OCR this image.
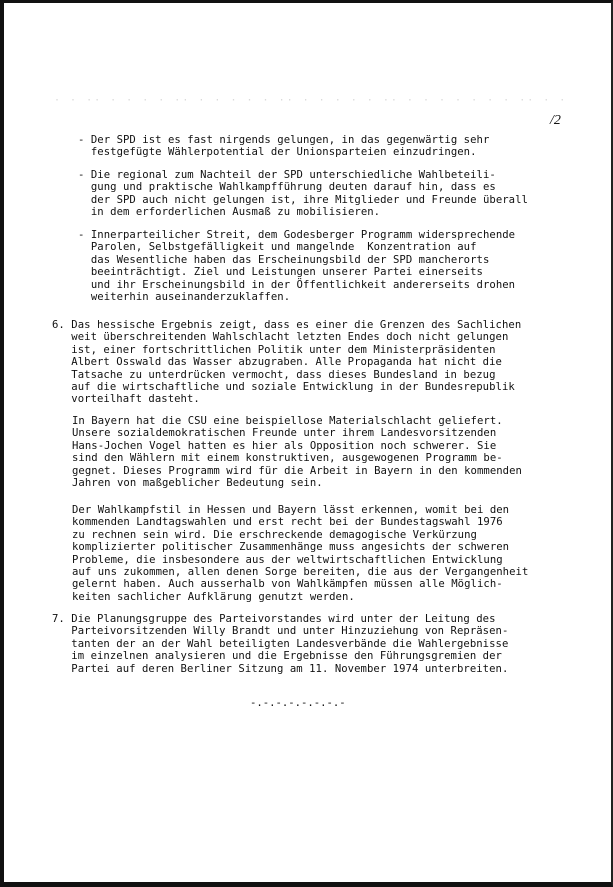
· · ·· · · · · ·· · · · · · ·· · · · · · ·· · · · · · · · ·· · ·
/2
- Der SPD ist es fast nirgends gelungen, in das gegenwärtig sehr
festgefügte Wählerpotential der Unionsparteien einzudringen.
- Die regional zum Nachteil der SPD unterschiedliche Wahlbeteili-
gung und praktische Wahlkampfführung deuten darauf hin, dass es
der SPD auch nicht gelungen ist, ihre Mitglieder und Freunde überall
in dem erforderlichen Ausmaß zu mobilisieren.
- Innerparteilicher Streit, dem Godesberger Programm widersprechende
Parolen, Selbstgefälligkeit und mangelnde  Konzentration auf
das Wesentliche haben das Erscheinungsbild der SPD mancherorts
beeinträchtigt. Ziel und Leistungen unserer Partei einerseits
und ihr Erscheinungsbild in der Öffentlichkeit andererseits drohen
weiterhin auseinanderzuklaffen.
6. Das hessische Ergebnis zeigt, dass es einer die Grenzen des Sachlichen
weit überschreitenden Wahlschlacht letzten Endes doch nicht gelungen
ist, einer fortschrittlichen Politik unter dem Ministerpräsidenten
Albert Osswald das Wasser abzugraben. Alle Propaganda hat nicht die
Tatsache zu unterdrücken vermocht, dass dieses Bundesland in bezug
auf die wirtschaftliche und soziale Entwicklung in der Bundesrepublik
vorteilhaft dasteht.
In Bayern hat die CSU eine beispiellose Materialschlacht geliefert.
Unsere sozialdemokratischen Freunde unter ihrem Landesvorsitzenden
Hans-Jochen Vogel hatten es hier als Opposition noch schwerer. Sie
sind den Wählern mit einem konstruktiven, ausgewogenen Programm be-
gegnet. Dieses Programm wird für die Arbeit in Bayern in den kommenden
Jahren von maßgeblicher Bedeutung sein.
Der Wahlkampfstil in Hessen und Bayern lässt erkennen, womit bei den
kommenden Landtagswahlen und erst recht bei der Bundestagswahl 1976
zu rechnen sein wird. Die erschreckende demagogische Verkürzung
komplizierter politischer Zusammenhänge muss angesichts der schweren
Probleme, die insbesondere aus der weltwirtschaftlichen Entwicklung
auf uns zukommen, allen denen Sorge bereiten, die aus der Vergangenheit
gelernt haben. Auch ausserhalb von Wahlkämpfen müssen alle Möglich-
keiten sachlicher Aufklärung genutzt werden.
7. Die Planungsgruppe des Parteivorstandes wird unter der Leitung des
Parteivorsitzenden Willy Brandt und unter Hinzuziehung von Repräsen-
tanten der an der Wahl beteiligten Landesverbände die Wahlergebnisse
im einzelnen analysieren und die Ergebnisse den Führungsgremien der
Partei auf deren Berliner Sitzung am 11. November 1974 unterbreiten.
-.-.-.-.-.-.-.-
